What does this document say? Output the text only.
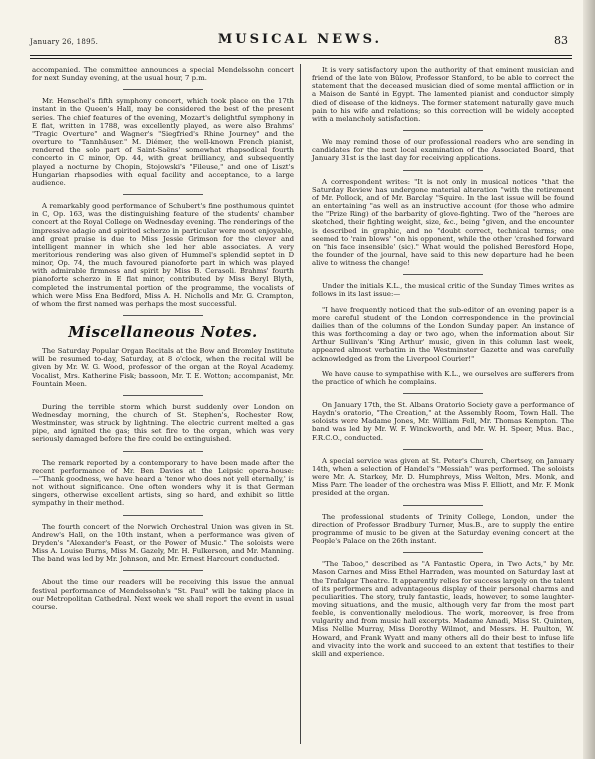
January 26, 1895.	MUSICAL NEWS.	83

accompanied. The committee announces a special Mendelssohn concert for next Sunday evening, at the usual hour, 7 p.m.

Mr. Henschel's fifth symphony concert, which took place on the 17th instant in the Queen's Hall, may be considered the best of the present series. The chief features of the evening, Mozart's delightful symphony in E flat, written in 1788, was excellently played, as were also Brahms' "Tragic Overture" and Wagner's "Siegfried's Rhine Journey" and the overture to "Tannhäuser." M. Diémer, the well-known French pianist, rendered the solo part of Saint-Saëns' somewhat rhapsodical fourth concerto in C minor, Op. 44, with great brilliancy, and subsequently played a nocturne by Chopin, Stojowski's "Fileuse," and one of Liszt's Hungarian rhapsodies with equal facility and acceptance, to a large audience.

A remarkably good performance of Schubert's fine posthumous quintet in C, Op. 163, was the distinguishing feature of the students' chamber concert at the Royal College on Wednesday evening. The renderings of the impressive adagio and spirited scherzo in particular were most enjoyable, and great praise is due to Miss Jessie Grimson for the clever and intelligent manner in which she led her able associates. A very meritorious rendering was also given of Hummel's splendid septet in D minor, Op. 74, the much favoured pianoforte part in which was played with admirable firmness and spirit by Miss B. Cerasoli. Brahms' fourth pianoforte scherzo in E flat minor, contributed by Miss Beryl Blyth, completed the instrumental portion of the programme, the vocalists of which were Miss Ena Bedford, Miss A. H. Nicholls and Mr. G. Crampton, of whom the first named was perhaps the most successful.

Miscellaneous Notes.

The Saturday Popular Organ Recitals at the Bow and Bromley Institute will be resumed to-day, Saturday, at 8 o'clock, when the recital will be given by Mr. W. G. Wood, professor of the organ at the Royal Academy. Vocalist, Mrs. Katherine Fisk; bassoon, Mr. T. E. Wotton; accompanist, Mr. Fountain Meen.

During the terrible storm which burst suddenly over London on Wednesday morning, the church of St. Stephen's, Rochester Row, Westminster, was struck by lightning. The electric current melted a gas pipe, and ignited the gas; this set fire to the organ, which was very seriously damaged before the fire could be extinguished.

The remark reported by a contemporary to have been made after the recent performance of Mr. Ben Davies at the Leipsic opera-house:—"Thank goodness, we have heard a 'tenor who does not yell eternally,' is not without significance. One often wonders why it is that German singers, otherwise excellent artists, sing so hard, and exhibit so little sympathy in their method.

The fourth concert of the Norwich Orchestral Union was given in St. Andrew's Hall, on the 10th instant, when a performance was given of Dryden's "Alexander's Feast, or the Power of Music." The soloists were Miss A. Louise Burns, Miss M. Gazely, Mr. H. Fulkerson, and Mr. Manning. The band was led by Mr. Johnson, and Mr. Ernest Harcourt conducted.

About the time our readers will be receiving this issue the annual festival performance of Mendelssohn's "St. Paul" will be taking place in our Metropolitan Cathedral. Next week we shall report the event in usual course.

It is very satisfactory upon the authority of that eminent musician and friend of the late von Bülow, Professor Stanford, to be able to correct the statement that the deceased musician died of some mental affliction or in a Maison de Santé in Egypt. The lamented pianist and conductor simply died of disease of the kidneys. The former statement naturally gave much pain to his wife and relations; so this correction will be widely accepted with a melancholy satisfaction.

We may remind those of our professional readers who are sending in candidates for the next local examination of the Associated Board, that January 31st is the last day for receiving applications.

A correspondent writes: "It is not only in musical notices "that the Saturday Review has undergone material alteration "with the retirement of Mr. Pollock, and of Mr. Barclay "Squire. In the last issue will be found an entertaining "as well as an instructive account (for those who admire the "Prize Ring) of the barbarity of glove-fighting. Two of the "heroes are sketched, their fighting weight, size, &c., being "given, and the encounter is described in graphic, and no "doubt correct, technical terms; one seemed to 'rain blows' "on his opponent, while the other 'crashed forward on "his face insensible' (sic)." What would the polished Beresford Hope, the founder of the journal, have said to this new departure had he been alive to witness the change!

Under the initials K.L., the musical critic of the Sunday Times writes as follows in its last issue:—

"I have frequently noticed that the sub-editor of an evening paper is a more careful student of the London correspondence in the provincial dailies than of the columns of the London Sunday paper. An instance of this was forthcoming a day or two ago, when the information about Sir Arthur Sullivan's 'King Arthur' music, given in this column last week, appeared almost verbatim in the Westminster Gazette and was carefully acknowledged as from the Liverpool Courier!"

We have cause to sympathise with K.L., we ourselves are sufferers from the practice of which he complains.

On January 17th, the St. Albans Oratorio Society gave a performance of Haydn's oratorio, "The Creation," at the Assembly Room, Town Hall. The soloists were Madame Jones, Mr. William Fell, Mr. Thomas Kempton. The band was led by Mr. W. F. Winckworth, and Mr. W. H. Speer, Mus. Bac., F.R.C.O., conducted.

A special service was given at St. Peter's Church, Chertsey, on January 14th, when a selection of Handel's "Messiah" was performed. The soloists were Mr. A. Starkey, Mr. D. Humphreys, Miss Welton, Mrs. Monk, and Miss Parr. The leader of the orchestra was Miss F. Elliott, and Mr. F. Monk presided at the organ.

The professional students of Trinity College, London, under the direction of Professor Bradbury Turner, Mus.B., are to supply the entire programme of music to be given at the Saturday evening concert at the People's Palace on the 26th instant.

"The Taboo," described as "A Fantastic Opera, in Two Acts," by Mr. Mason Carnes and Miss Ethel Harraden, was mounted on Saturday last at the Trafalgar Theatre. It apparently relies for success largely on the talent of its performers and advantageous display of their personal charms and peculiarities. The story, truly fantastic, leads, however, to some laughter-moving situations, and the music, although very far from the most part feeble, is conventionally melodious. The work, moreover, is free from vulgarity and from music hall excerpts. Madame Amadi, Miss St. Quinten, Miss Nellie Murray, Miss Dorothy Wilmot, and Messrs. H. Paulton, W. Howard, and Frank Wyatt and many others all do their best to infuse life and vivacity into the work and succeed to an extent that testifies to their skill and experience.
